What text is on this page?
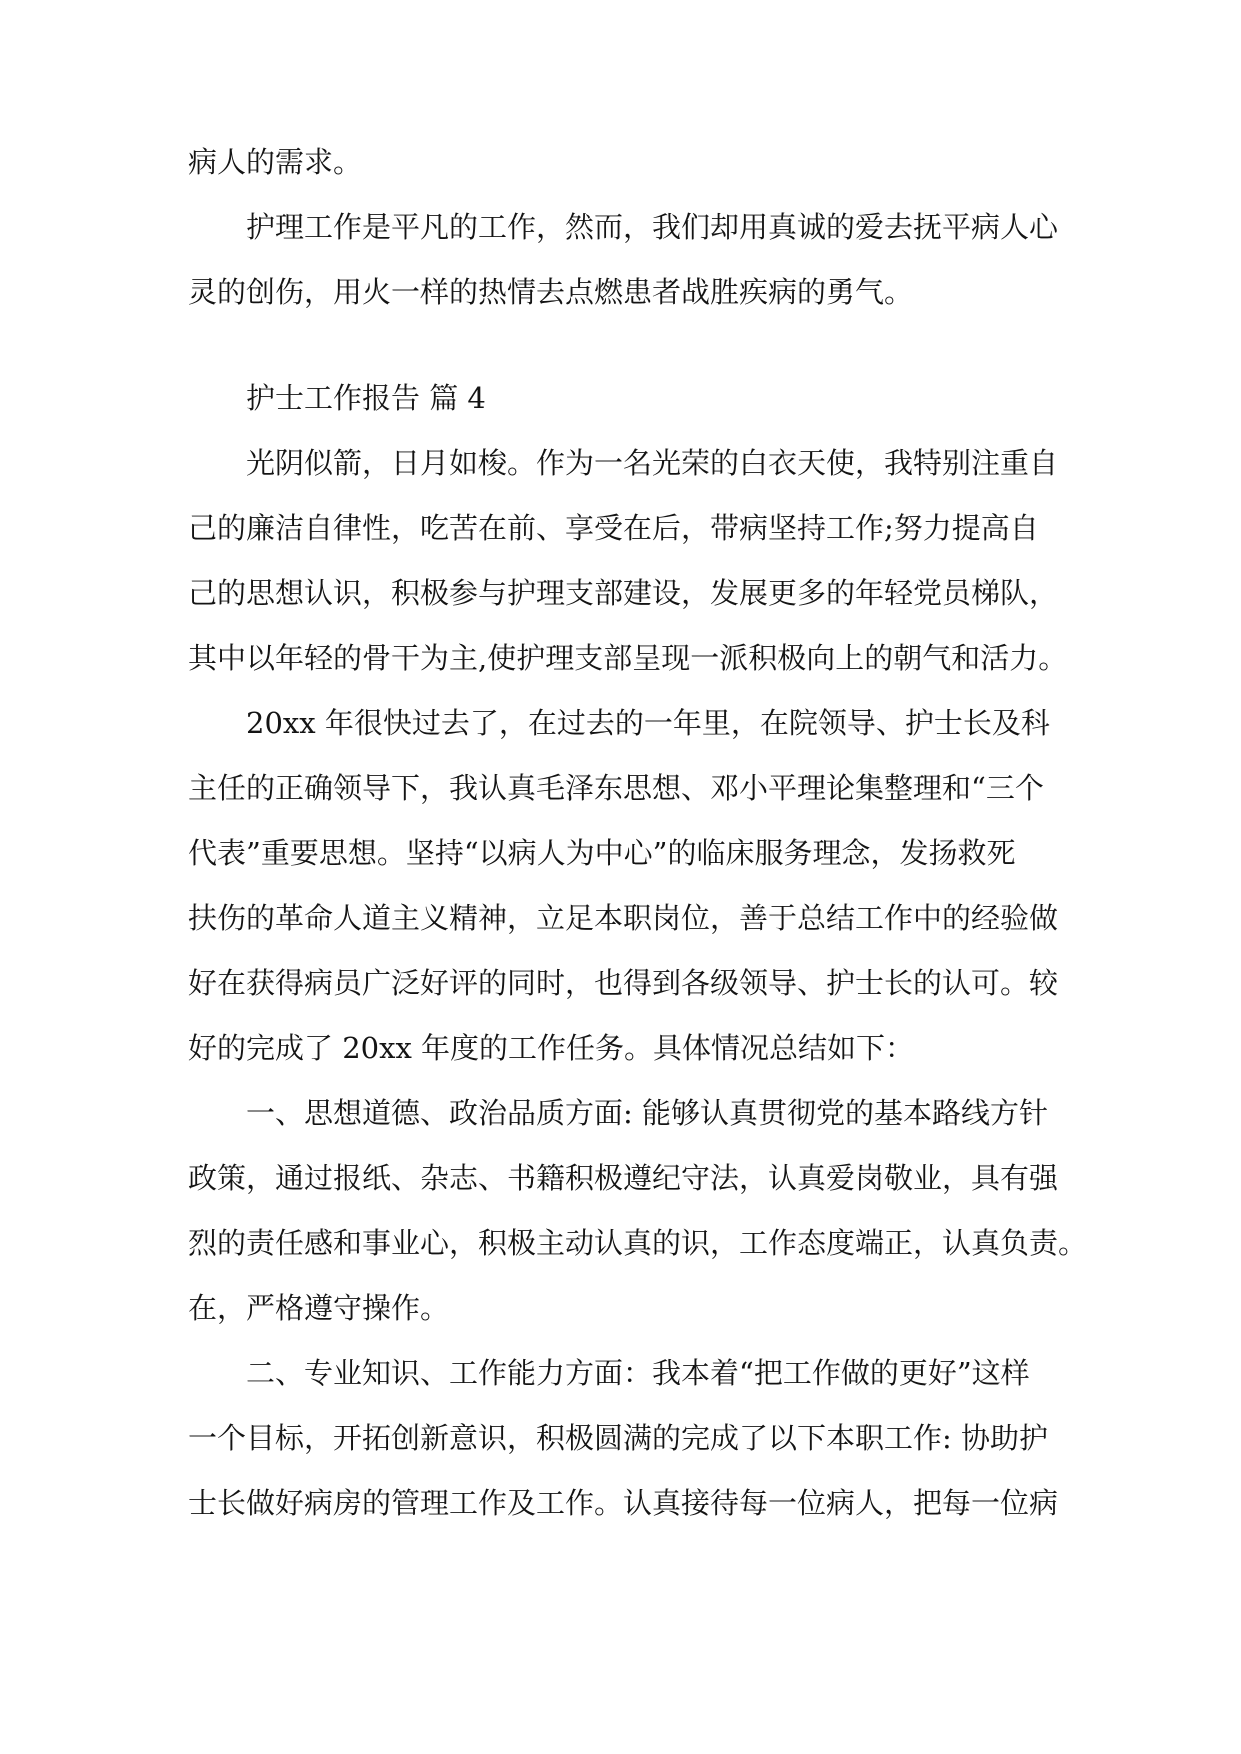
病人的需求。
　　护理工作是平凡的工作，然而，我们却用真诚的爱去抚平病人心
灵的创伤，用火一样的热情去点燃患者战胜疾病的勇气。
　　护士工作报告 篇 4
　　光阴似箭，日月如梭。作为一名光荣的白衣天使，我特别注重自
己的廉洁自律性，吃苦在前、享受在后，带病坚持工作;努力提高自
己的思想认识，积极参与护理支部建设，发展更多的年轻党员梯队，
其中以年轻的骨干为主,使护理支部呈现一派积极向上的朝气和活力。
　　20xx 年很快过去了，在过去的一年里，在院领导、护士长及科
主任的正确领导下，我认真毛泽东思想、邓小平理论集整理和“三个
代表”重要思想。坚持“以病人为中心”的临床服务理念，发扬救死
扶伤的革命人道主义精神，立足本职岗位，善于总结工作中的经验做
好在获得病员广泛好评的同时，也得到各级领导、护士长的认可。较
好的完成了 20xx 年度的工作任务。具体情况总结如下：
　　一、思想道德、政治品质方面: 能够认真贯彻党的基本路线方针
政策，通过报纸、杂志、书籍积极遵纪守法，认真爱岗敬业，具有强
烈的责任感和事业心，积极主动认真的识，工作态度端正，认真负责。
在，严格遵守操作。
　　二、专业知识、工作能力方面：我本着“把工作做的更好”这样
一个目标，开拓创新意识，积极圆满的完成了以下本职工作: 协助护
士长做好病房的管理工作及工作。认真接待每一位病人，把每一位病
